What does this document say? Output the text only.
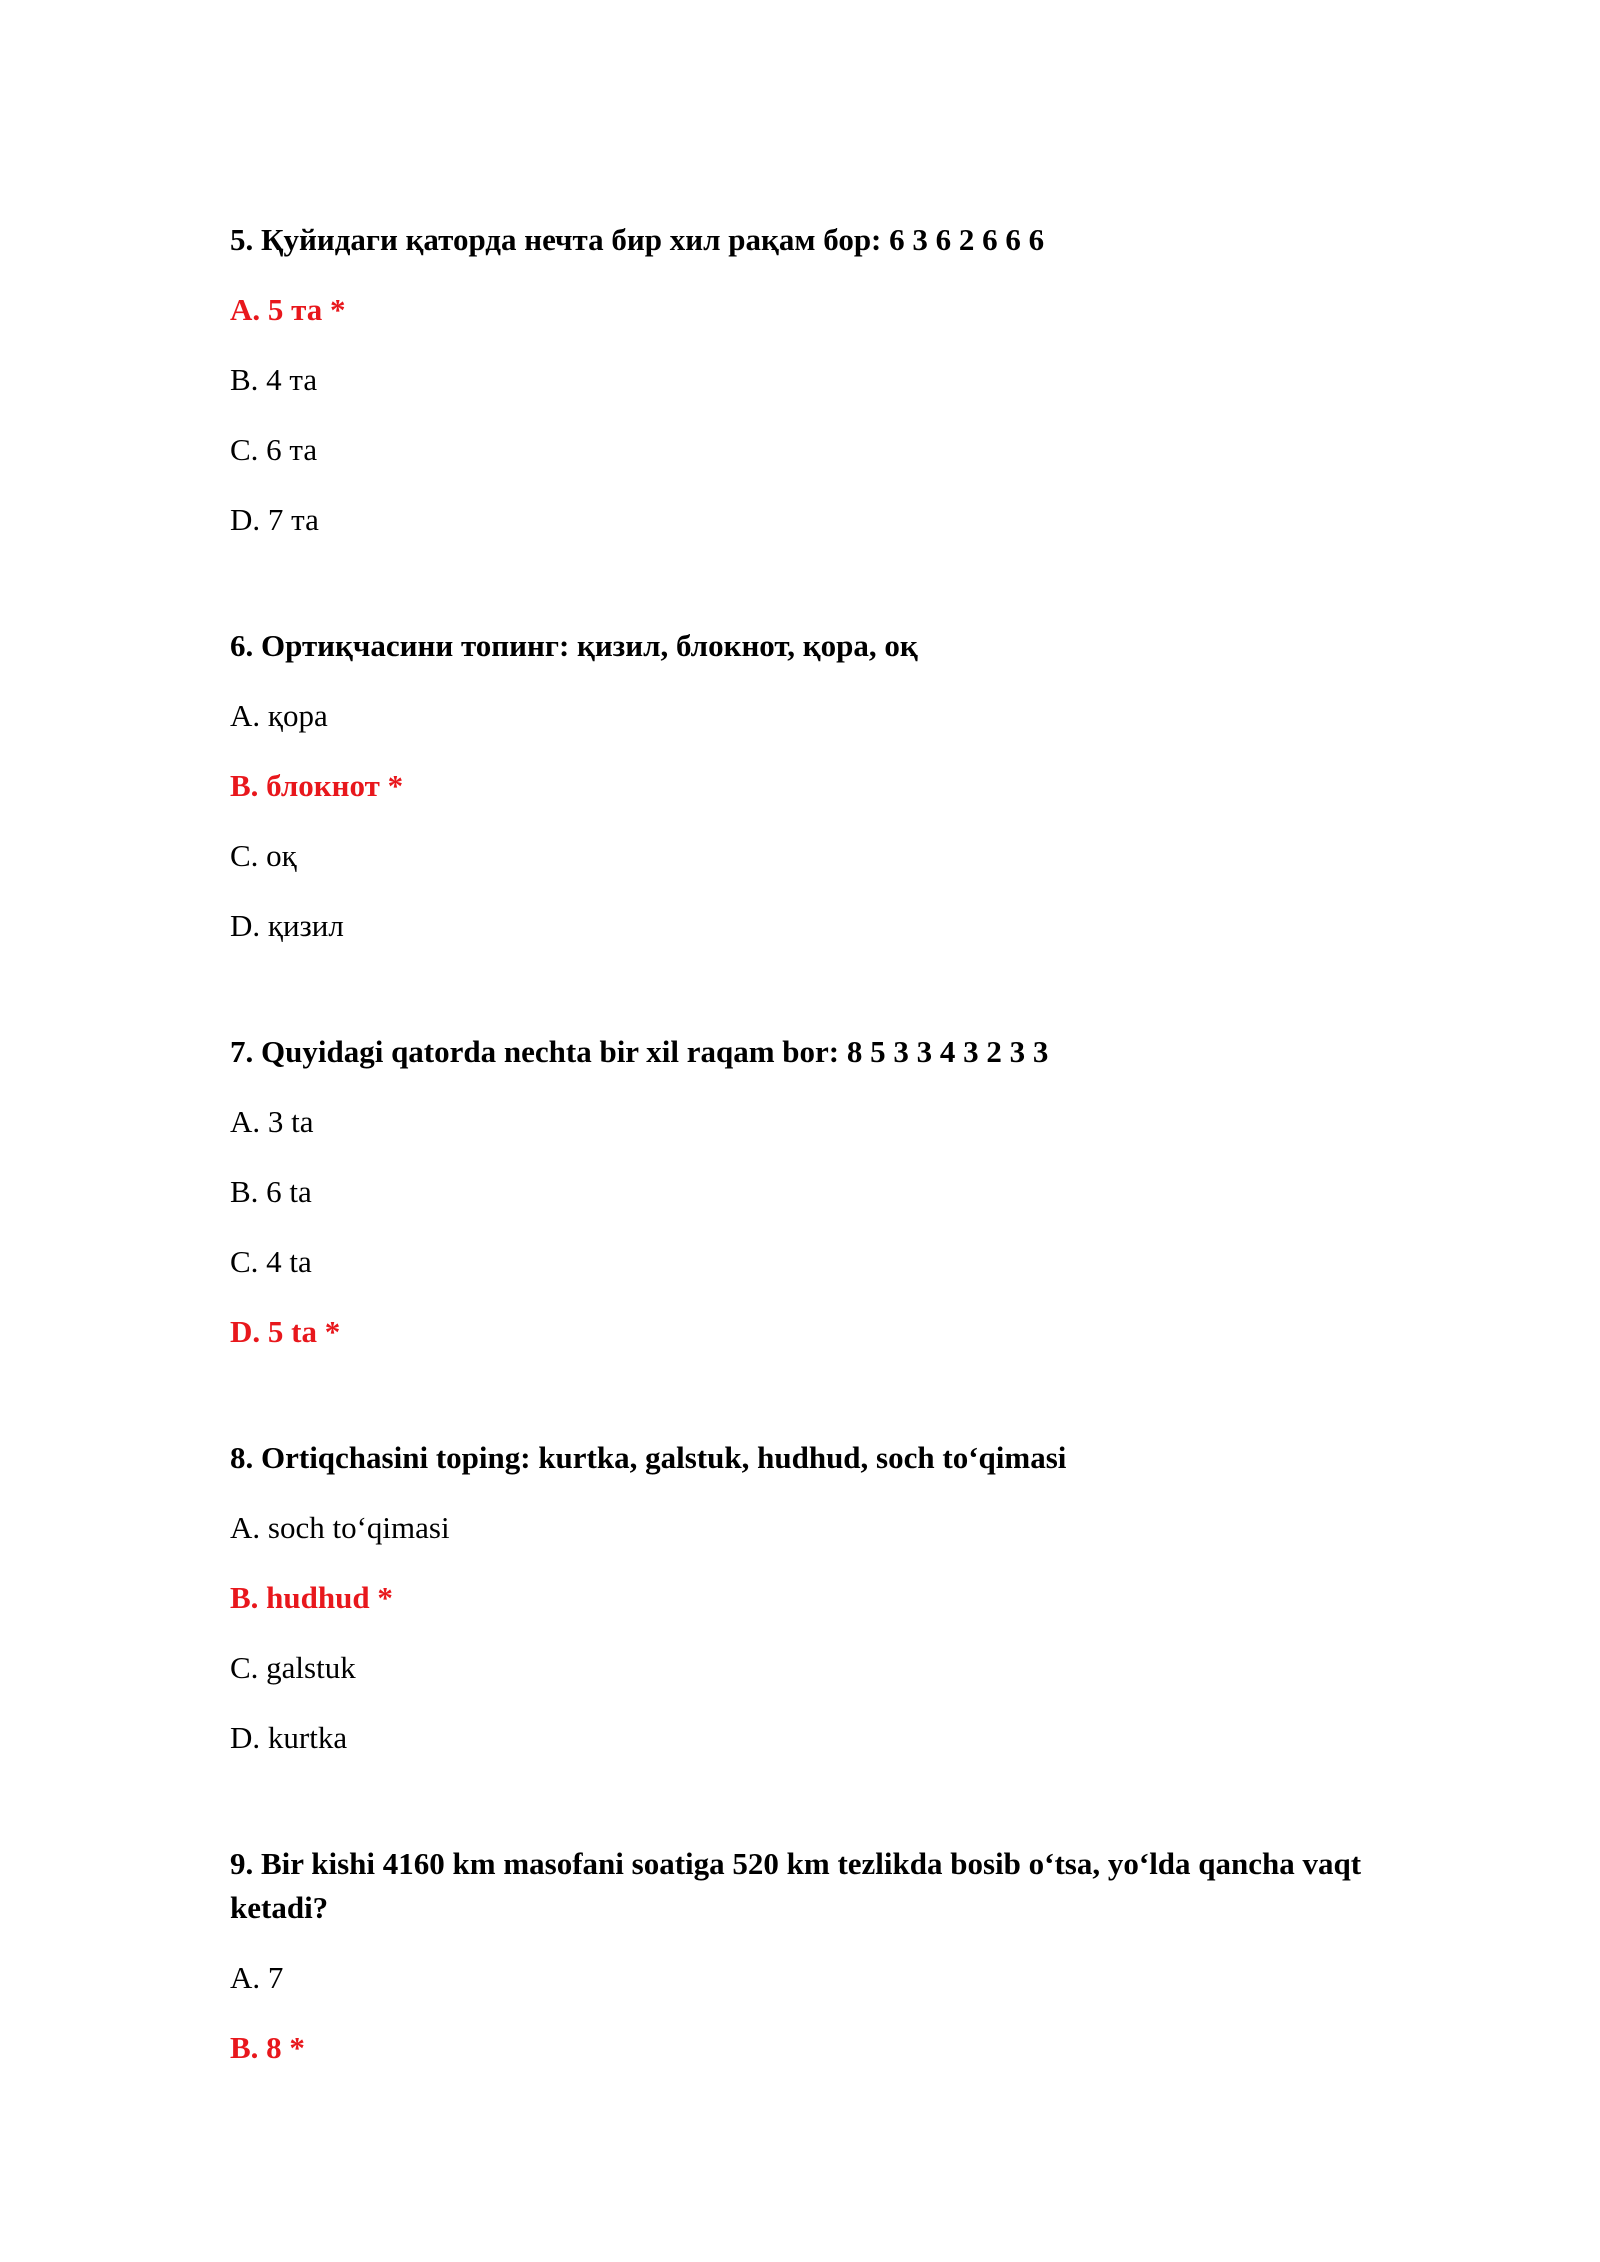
5. Қуйидаги қаторда нечта бир хил рақам бор: 6 3 6 2 6 6 6

A. 5 та *

B. 4 та

C. 6 та

D. 7 та

6. Ортиқчасини топинг: қизил, блокнот, қора, оқ

A. қора

B. блокнот *

C. оқ

D. қизил

7. Quyidagi qatorda nechta bir xil raqam bor: 8 5 3 3 4 3 2 3 3

A. 3 ta

B. 6 ta

C. 4 ta

D. 5 ta *

8. Ortiqchasini toping: kurtka, galstuk, hudhud, soch to‘qimasi

A. soch to‘qimasi

B. hudhud *

C. galstuk

D. kurtka

9. Bir kishi 4160 km masofani soatiga 520 km tezlikda bosib o‘tsa, yo‘lda qancha vaqt ketadi?

A. 7

B. 8 *
